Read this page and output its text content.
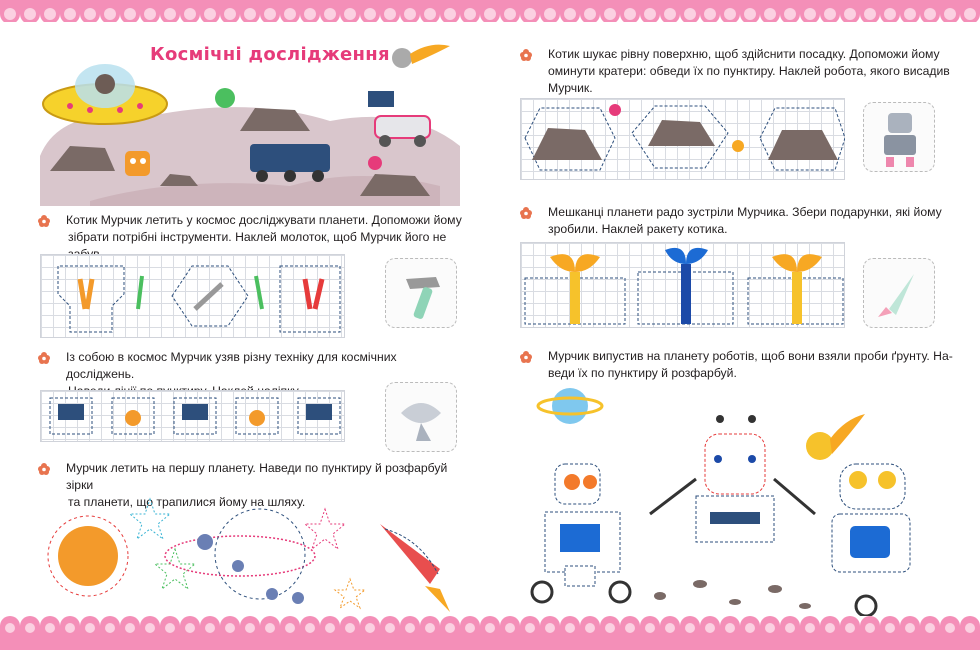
Космічні дослідження
Котик Мурчик летить у космос досліджувати планети. Допоможи йому
зібрати потрібні інструменти. Наклей молоток, щоб Мурчик його не
Із собою в космос Мурчик узяв різну техніку для космічних досліджень.
Мурчик летить на першу планету. Наведи по пунктиру й розфарбуй зірки
та планети, що трапилися йому на шляху.
Котик шукає рівну поверхню, щоб здійснити посадку. Допоможи йому
оминути кратери: обведи їх по пунктиру. Наклей робота, якого висадив
Мурчик.
Мешканці планети радо зустріли Мурчика. Збери подарунки, які йому
зробили. Наклей ракету котика.
Мурчик випустив на планету роботів, щоб вони взяли проби ґрунту. На-
веди їх по пунктиру й розфарбуй.
